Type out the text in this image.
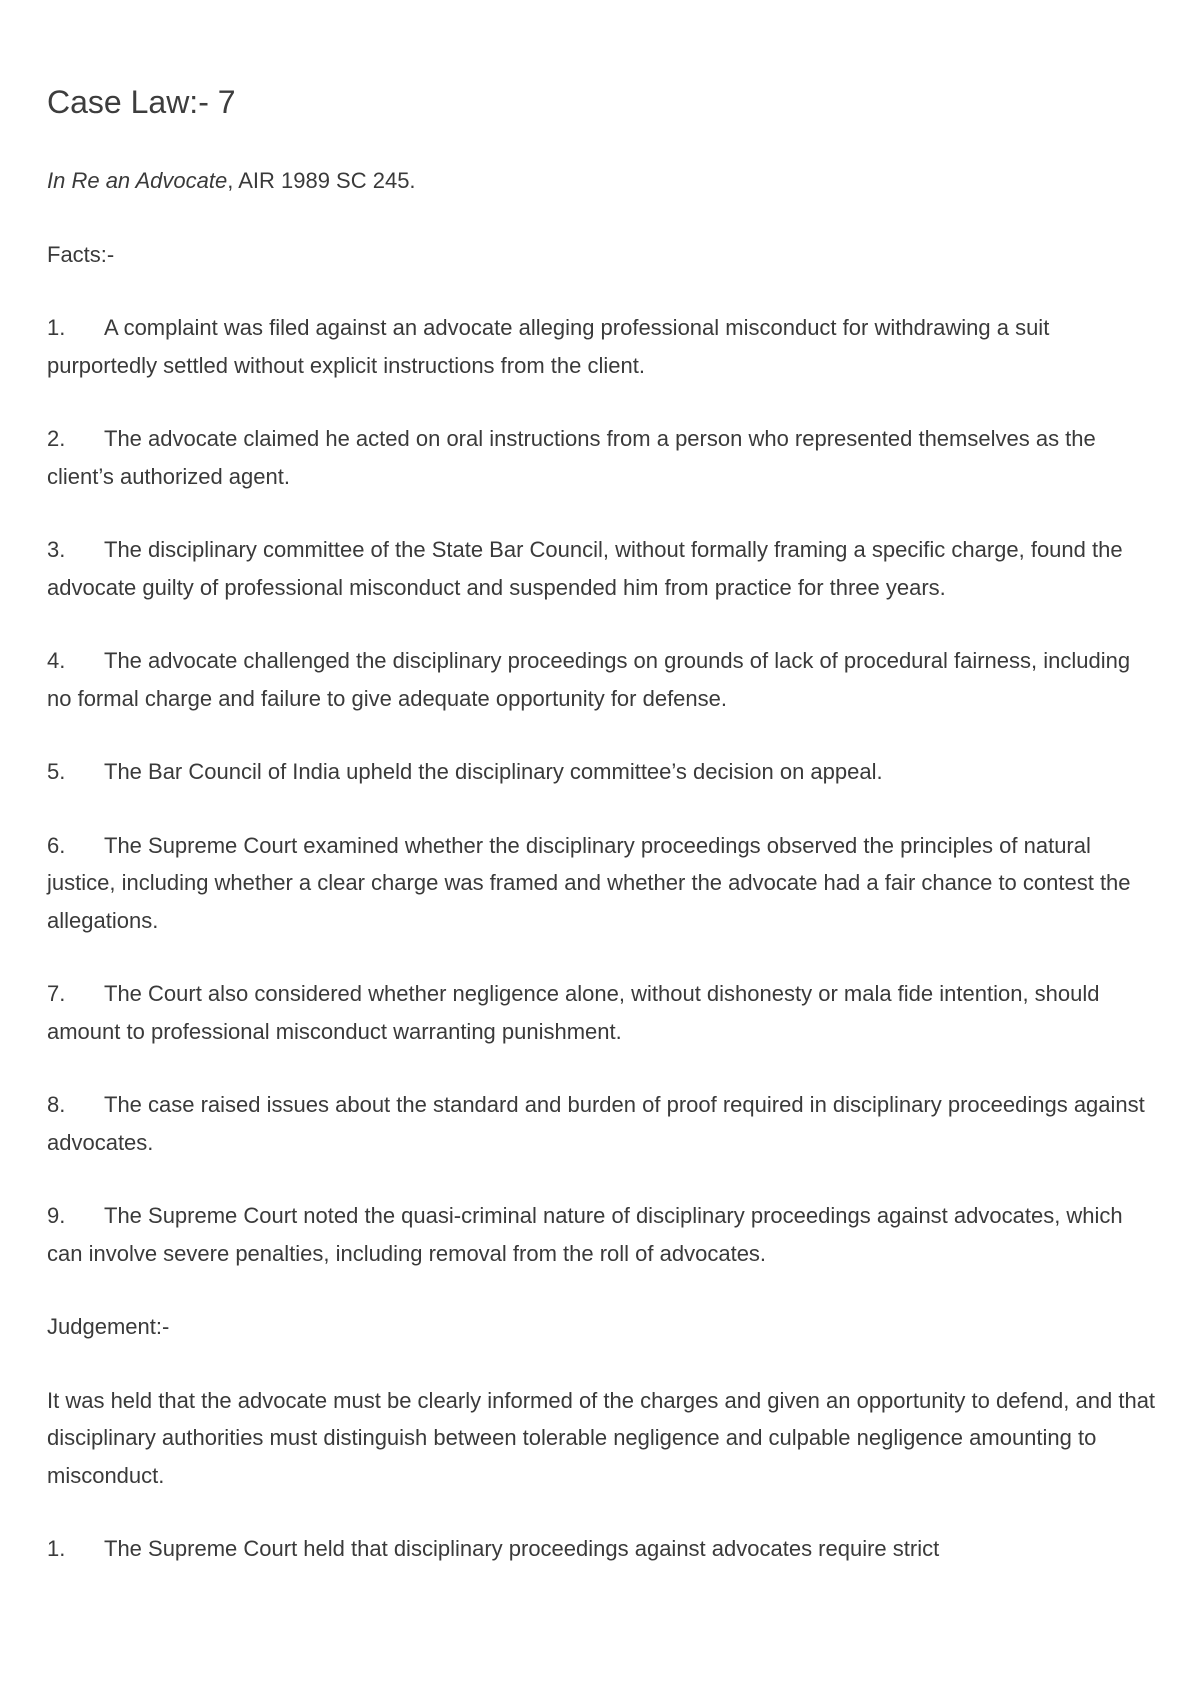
Case Law:- 7

In Re an Advocate, AIR 1989 SC 245.

Facts:-

1. A complaint was filed against an advocate alleging professional misconduct for withdrawing a suit purportedly settled without explicit instructions from the client.

2. The advocate claimed he acted on oral instructions from a person who represented themselves as the client’s authorized agent.

3. The disciplinary committee of the State Bar Council, without formally framing a specific charge, found the advocate guilty of professional misconduct and suspended him from practice for three years.

4. The advocate challenged the disciplinary proceedings on grounds of lack of procedural fairness, including no formal charge and failure to give adequate opportunity for defense.

5. The Bar Council of India upheld the disciplinary committee’s decision on appeal.

6. The Supreme Court examined whether the disciplinary proceedings observed the principles of natural justice, including whether a clear charge was framed and whether the advocate had a fair chance to contest the allegations.

7. The Court also considered whether negligence alone, without dishonesty or mala fide intention, should amount to professional misconduct warranting punishment.

8. The case raised issues about the standard and burden of proof required in disciplinary proceedings against advocates.

9. The Supreme Court noted the quasi-criminal nature of disciplinary proceedings against advocates, which can involve severe penalties, including removal from the roll of advocates.

Judgement:-

It was held that the advocate must be clearly informed of the charges and given an opportunity to defend, and that disciplinary authorities must distinguish between tolerable negligence and culpable negligence amounting to misconduct.

1. The Supreme Court held that disciplinary proceedings against advocates require strict
